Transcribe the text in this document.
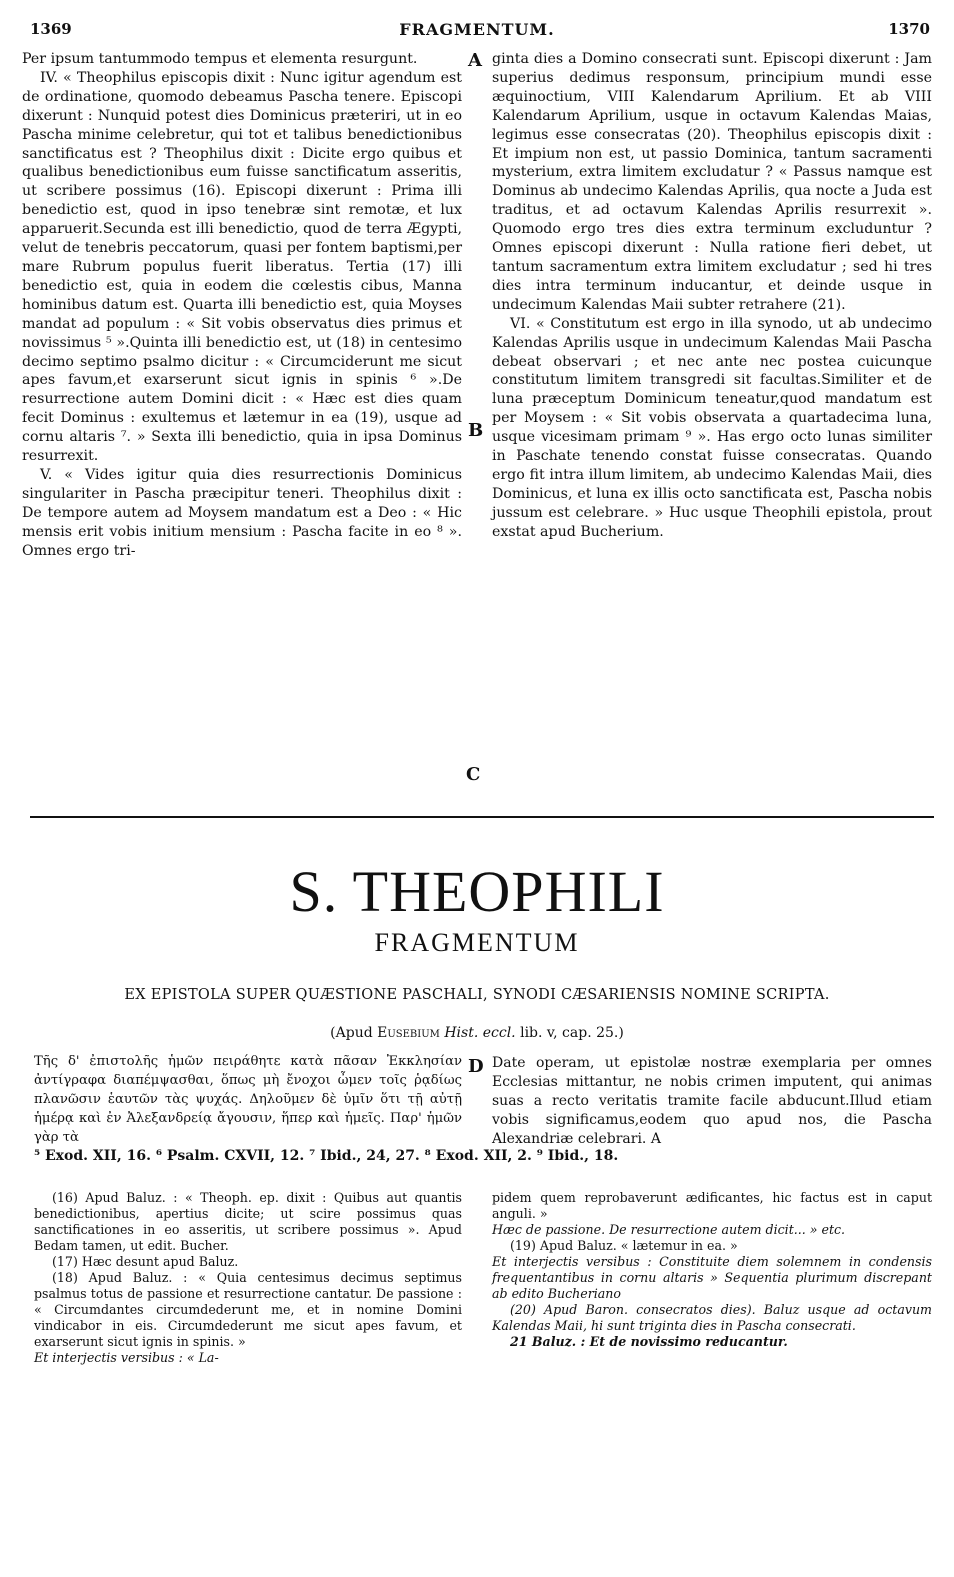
1369	FRAGMENTUM.	1370

Per ipsum tantummodo tempus et elementa resurgunt.

IV. « Theophilus episcopis dixit : Nunc igitur agendum est de ordinatione, quomodo debeamus Pascha tenere. Episcopi dixerunt : Nunquid potest dies Dominicus præteriri, ut in eo Pascha minime celebretur, qui tot et talibus benedictionibus sanctificatus est ? Theophilus dixit : Dicite ergo quibus et qualibus benedictionibus eum fuisse sanctificatum asseritis, ut scribere possimus (16). Episcopi dixerunt : Prima illi benedictio est, quod in ipso tenebræ sint remotæ, et lux apparuerit.Secunda est illi benedictio, quod de terra Ægypti, velut de tenebris peccatorum, quasi per fontem baptismi,per mare Rubrum populus fuerit liberatus. Tertia (17) illi benedictio est, quia in eodem die cœlestis cibus, Manna hominibus datum est. Quarta illi benedictio est, quia Moyses mandat ad populum : « Sit vobis observatus dies primus et novissimus ⁵ ».Quinta illi benedictio est, ut (18) in centesimo decimo septimo psalmo dicitur : « Circumciderunt me sicut apes favum,et exarserunt sicut ignis in spinis ⁶ ».De resurrectione autem Domini dicit : « Hæc est dies quam fecit Dominus : exultemus et lætemur in ea (19), usque ad cornu altaris ⁷. » Sexta illi benedictio, quia in ipsa Dominus resurrexit.

V. « Vides igitur quia dies resurrectionis Dominicus singulariter in Pascha præcipitur teneri. Theophilus dixit : De tempore autem ad Moysem mandatum est a Deo : « Hic mensis erit vobis initium mensium : Pascha facite in eo ⁸ ». Omnes ergo tri-

A
B
C

ginta dies a Domino consecrati sunt. Episcopi dixerunt : Jam superius dedimus responsum, principium mundi esse æquinoctium, VIII Kalendarum Aprilium. Et ab VIII Kalendarum Aprilium, usque in octavum Kalendas Maias, legimus esse consecratas (20). Theophilus episcopis dixit : Et impium non est, ut passio Dominica, tantum sacramenti mysterium, extra limitem excludatur ? « Passus namque est Dominus ab undecimo Kalendas Aprilis, qua nocte a Juda est traditus, et ad octavum Kalendas Aprilis resurrexit ». Quomodo ergo tres dies extra terminum excluduntur ? Omnes episcopi dixerunt : Nulla ratione fieri debet, ut tantum sacramentum extra limitem excludatur ; sed hi tres dies intra terminum inducantur, et deinde usque in undecimum Kalendas Maii subter retrahere (21).

VI. « Constitutum est ergo in illa synodo, ut ab undecimo Kalendas Aprilis usque in undecimum Kalendas Maii Pascha debeat observari ; et nec ante nec postea cuicunque constitutum limitem transgredi sit facultas.Similiter et de luna præceptum Dominicum teneatur,quod mandatum est per Moysem : « Sit vobis observata a quartadecima luna, usque vicesimam primam ⁹ ». Has ergo octo lunas similiter in Paschate tenendo constat fuisse consecratas. Quando ergo fit intra illum limitem, ab undecimo Kalendas Maii, dies Dominicus, et luna ex illis octo sanctificata est, Pascha nobis jussum est celebrare. » Huc usque Theophili epistola, prout exstat apud Bucherium.

S. THEOPHILI
FRAGMENTUM
EX EPISTOLA SUPER QUÆSTIONE PASCHALI, SYNODI CÆSARIENSIS NOMINE SCRIPTA.
(Apud Eusebium Hist. eccl. lib. v, cap. 25.)
Τῆς δ' ἐπιστολῆς ἡμῶν πειράθητε κατὰ πᾶσαν Ἐκκλησίαν ἀντίγραφα διαπέμψασθαι, ὅπως μὴ ἔνοχοι ὦμεν τοῖς ῥᾳδίως πλανῶσιν ἑαυτῶν τὰς ψυχάς. Δηλοῦμεν δὲ ὑμῖν ὅτι τῇ αὐτῇ ἡμέρᾳ καὶ ἐν Ἀλεξανδρείᾳ ἄγουσιν, ἥπερ καὶ ἡμεῖς. Παρ' ἡμῶν γὰρ τὰ
D Date operam, ut epistolæ nostræ exemplaria per omnes Ecclesias mittantur, ne nobis crimen imputent, qui animas suas a recto veritatis tramite facile abducunt.Illud etiam vobis significamus,eodem quo apud nos, die Pascha Alexandriæ celebrari. A
⁵ Exod. XII, 16. ⁶ Psalm. CXVII, 12. ⁷ Ibid., 24, 27. ⁸ Exod. XII, 2. ⁹ Ibid., 18.

(16) Apud Baluz. : « Theoph. ep. dixit : Quibus aut quantis benedictionibus, apertius dicite; ut scire possimus quas sanctificationes in eo asseritis, ut scribere possimus ». Apud Bedam tamen, ut edit. Bucher.

(17) Hæc desunt apud Baluz.

(18) Apud Baluz. : « Quia centesimus decimus septimus psalmus totus de passione et resurrectione cantatur. De passione : « Circumdantes circumdederunt me, et in nomine Domini vindicabor in eis. Circumdederunt me sicut apes favum, et exarserunt sicut ignis in spinis. »

Et interjectis versibus : « La-

pidem quem reprobaverunt ædificantes, hic factus est in caput anguli. »

Hæc de passione. De resurrectione autem dicit... » etc.

(19) Apud Baluz. « lætemur in ea. »

Et interjectis versibus : Constituite diem solemnem in condensis frequentantibus in cornu altaris » Sequentia plurimum discrepant ab edito Bucheriano

(20) Apud Baron. consecratos dies). Baluz usque ad octavum Kalendas Maii, hi sunt triginta dies in Pascha consecrati.

21 Baluz. : Et de novissimo reducantur.
